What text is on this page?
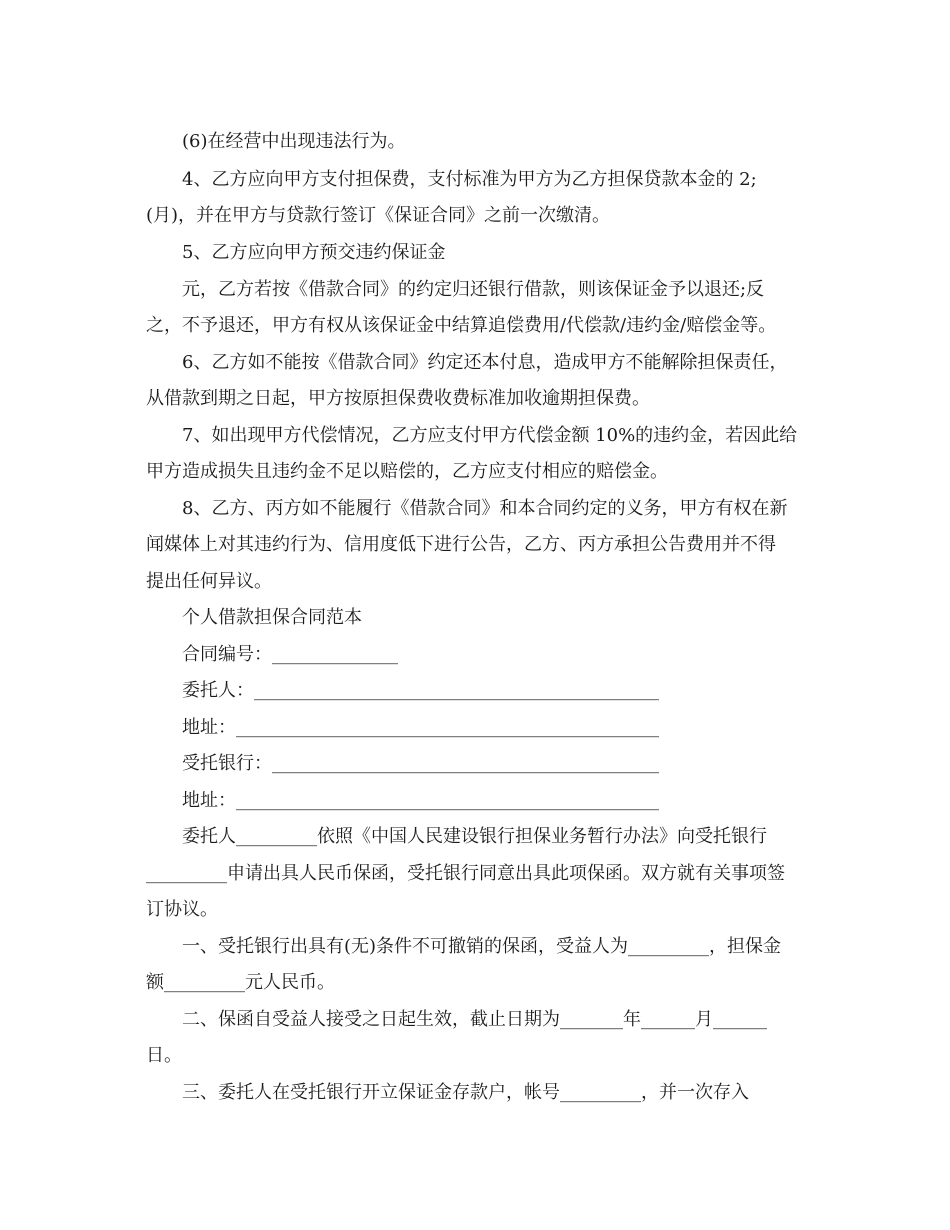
(6)在经营中出现违法行为。
4、乙方应向甲方支付担保费，支付标准为甲方为乙方担保贷款本金的 2;
(月)，并在甲方与贷款行签订《保证合同》之前一次缴清。
5、乙方应向甲方预交违约保证金
元，乙方若按《借款合同》的约定归还银行借款，则该保证金予以退还;反
之，不予退还，甲方有权从该保证金中结算追偿费用/代偿款/违约金/赔偿金等。
6、乙方如不能按《借款合同》约定还本付息，造成甲方不能解除担保责任，
从借款到期之日起，甲方按原担保费收费标准加收逾期担保费。
7、如出现甲方代偿情况，乙方应支付甲方代偿金额 10%的违约金，若因此给
甲方造成损失且违约金不足以赔偿的，乙方应支付相应的赔偿金。
8、乙方、丙方如不能履行《借款合同》和本合同约定的义务，甲方有权在新
闻媒体上对其违约行为、信用度低下进行公告，乙方、丙方承担公告费用并不得
提出任何异议。
个人借款担保合同范本
合同编号：______________
委托人：_____________________________________________
地址：_______________________________________________
受托银行：___________________________________________
地址：_______________________________________________
委托人_________依照《中国人民建设银行担保业务暂行办法》向受托银行
_________申请出具人民币保函，受托银行同意出具此项保函。双方就有关事项签
订协议。
一、受托银行出具有(无)条件不可撤销的保函，受益人为_________，担保金
额_________元人民币。
二、保函自受益人接受之日起生效，截止日期为_______年______月______
日。
三、委托人在受托银行开立保证金存款户，帐号_________，并一次存入
